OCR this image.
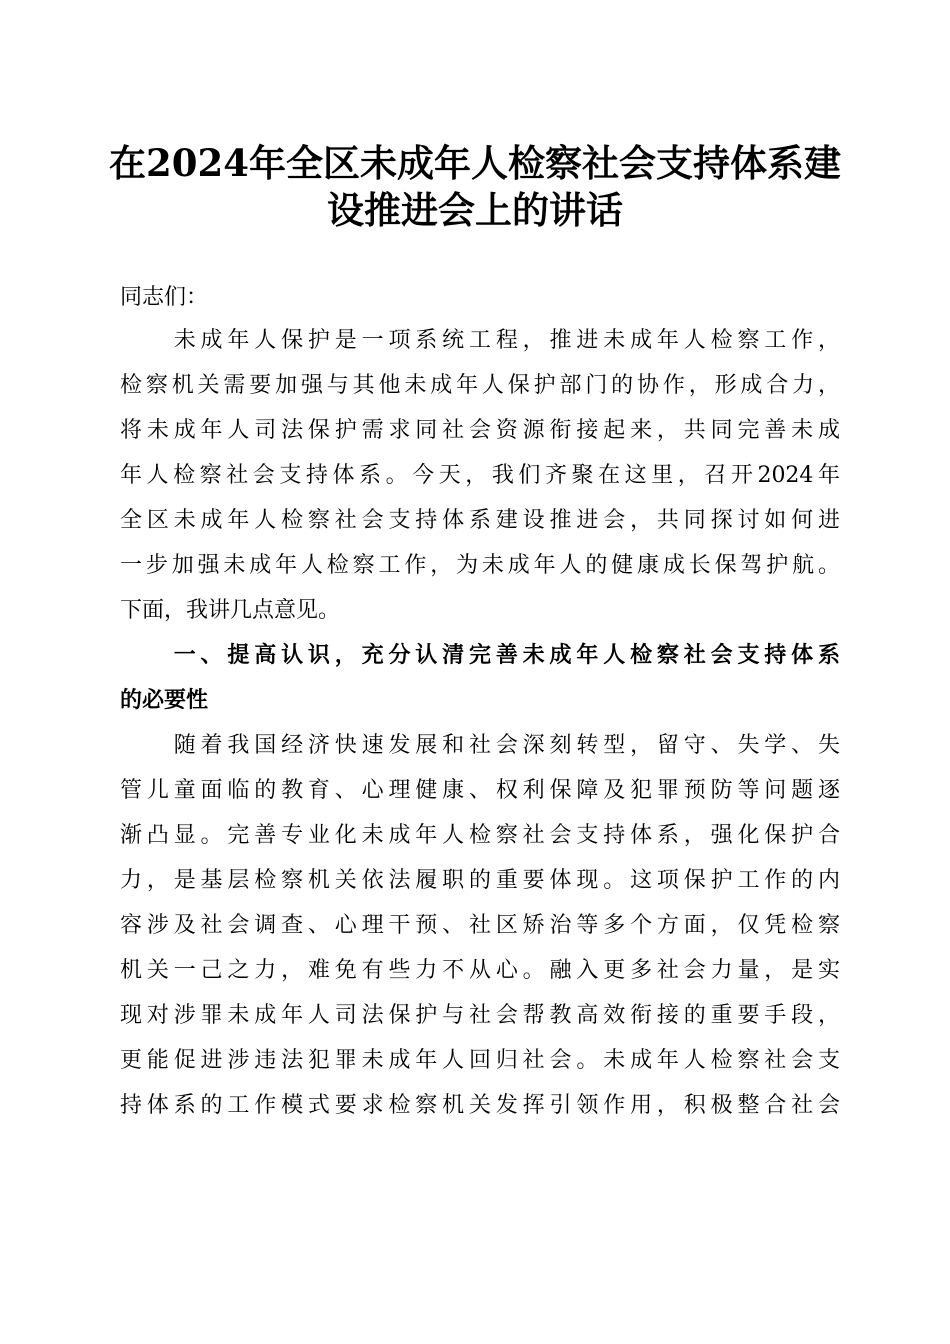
在2024年全区未成年人检察社会支持体系建
设推进会上的讲话
同志们：
　　未成年人保护是一项系统工程，推进未成年人检察工作，
检察机关需要加强与其他未成年人保护部门的协作，形成合力，
将未成年人司法保护需求同社会资源衔接起来，共同完善未成
年人检察社会支持体系。今天，我们齐聚在这里，召开2024年
全区未成年人检察社会支持体系建设推进会，共同探讨如何进
一步加强未成年人检察工作，为未成年人的健康成长保驾护航。
下面，我讲几点意见。
　　一、提高认识，充分认清完善未成年人检察社会支持体系
的必要性
　　随着我国经济快速发展和社会深刻转型，留守、失学、失
管儿童面临的教育、心理健康、权利保障及犯罪预防等问题逐
渐凸显。完善专业化未成年人检察社会支持体系，强化保护合
力，是基层检察机关依法履职的重要体现。这项保护工作的内
容涉及社会调查、心理干预、社区矫治等多个方面，仅凭检察
机关一己之力，难免有些力不从心。融入更多社会力量，是实
现对涉罪未成年人司法保护与社会帮教高效衔接的重要手段，
更能促进涉违法犯罪未成年人回归社会。未成年人检察社会支
持体系的工作模式要求检察机关发挥引领作用，积极整合社会
